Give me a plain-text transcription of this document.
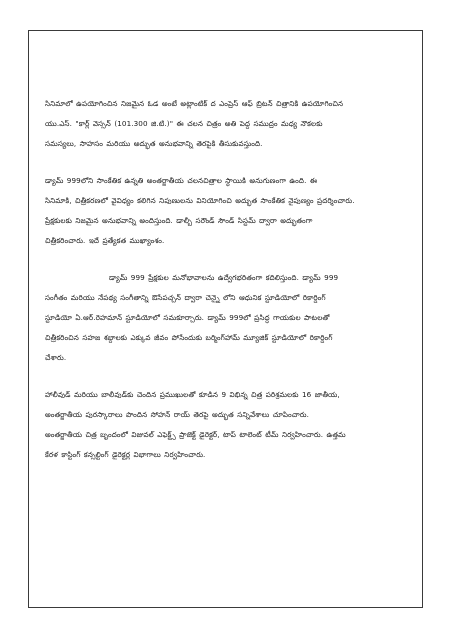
సినిమాలో ఉపయోగించిన నిజమైన ఓడ అంటే అట్లాంటిక్ ద ఎంప్రెస్ ఆఫ్ బ్రిటన్ చిత్రానికి ఉపయోగించిన
యు.ఎస్. "కార్ల్ వెస్సన్ (101.300 జి.టి.)" ఈ చలన చిత్రం అతి పెద్ద సముద్రం మధ్య నౌకలకు
సమస్యలు, సాహసం మరియు అద్భుత అనుభవాన్ని తెరపైకి తీసుకువస్తుంది.

డ్యామ్ 999లోని సాంకేతిక ఉన్నతి అంతర్జాతీయ చలనచిత్రాల స్థాయికి అనుగుణంగా ఉంది. ఈ
సినిమాకి, చిత్రీకరణలో వైవిధ్యం కలిగిన నిపుణులను వినియోగించి అద్భుత సాంకేతిక నైపుణ్యం ప్రదర్శించారు.
ప్రేక్షకులకు నిజమైన అనుభవాన్ని అందిస్తుంది. డాల్బీ సరౌండ్ సౌండ్ సిస్టమ్ ద్వారా అద్భుతంగా
చిత్రీకరించారు. ఇదే ప్రత్యేకత ముఖ్యాంశం.

డ్యామ్ 999 ప్రేక్షకుల మనోభావాలను ఉద్వేగభరితంగా కదిలిస్తుంది. డ్యామ్ 999
సంగీతం మరియు నేపథ్య సంగీతాన్ని ఔసేపచ్చన్ ద్వారా చెన్నై లోని ఆధునిక స్టూడియోలో రికార్డింగ్
స్టూడియో ఏ.ఆర్.రెహమాన్ స్టూడియోలో సమకూర్చారు. డ్యామ్ 999లో ప్రసిద్ధ గాయకుల పాటలతో
చిత్రీకరించిన సహజ శబ్దాలకు ఎక్కువ జీవం పోసేందుకు బర్మింగ్‌హామ్ మ్యూజిక్ స్టూడియోలో రికార్డింగ్
చేశారు.

హాలీవుడ్ మరియు బాలీవుడ్‌కు చెందిన ప్రముఖులతో కూడిన 9 విభిన్న చిత్ర పరిశ్రమలకు 16 జాతీయ,
అంతర్జాతీయ పురస్కారాలు పొందిన సోహన్ రాయ్ తెరపై అద్భుత సన్నివేశాలు చూపించారు.
అంతర్జాతీయ చిత్ర బృందంలో విజువల్ ఎఫెక్ట్స్ ప్రాజెక్ట్ డైరెక్టర్, టాప్ టాలెంట్ టీమ్ నిర్వహించారు. ఉత్తమ
కేరళ కాస్టింగ్ కన్సల్టింగ్ డైరెక్టర్ల విభాగాలు నిర్వహించారు.
